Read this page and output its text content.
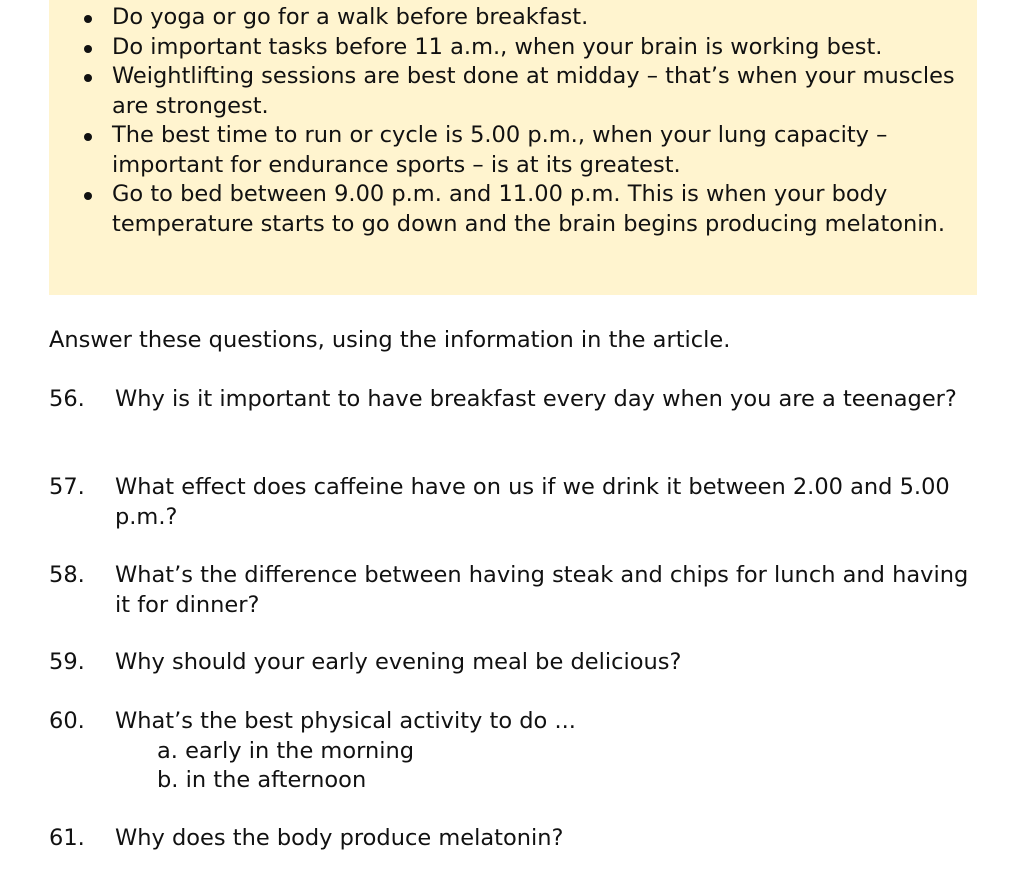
Do yoga or go for a walk before breakfast.
Do important tasks before 11 a.m., when your brain is working best.
Weightlifting sessions are best done at midday – that’s when your muscles are strongest.
The best time to run or cycle is 5.00 p.m., when your lung capacity – important for endurance sports – is at its greatest.
Go to bed between 9.00 p.m. and 11.00 p.m. This is when your body temperature starts to go down and the brain begins producing melatonin.
Answer these questions, using the information in the article.
56. Why is it important to have breakfast every day when you are a teenager?
57. What effect does caffeine have on us if we drink it between 2.00 and 5.00 p.m.?
58. What’s the difference between having steak and chips for lunch and having it for dinner?
59. Why should your early evening meal be delicious?
60. What’s the best physical activity to do ...
a. early in the morning
b. in the afternoon
61. Why does the body produce melatonin?
